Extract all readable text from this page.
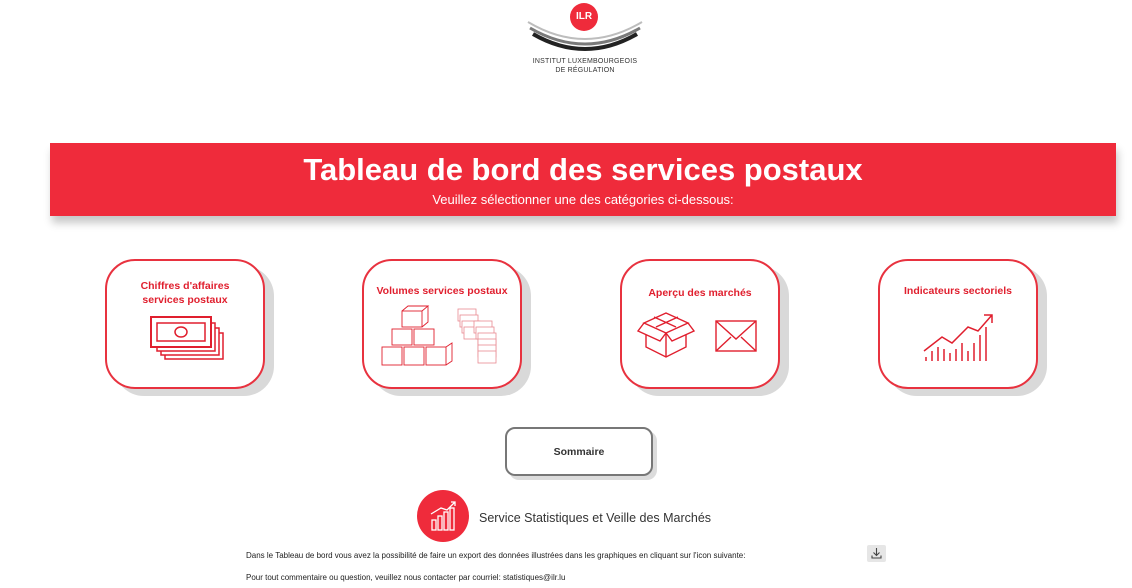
ILR
INSTITUT LUXEMBOURGEOIS
DE RÉGULATION
Tableau de bord des services postaux
Veuillez sélectionner une des catégories ci-dessous:
Chiffres d'affaires
services postaux
Volumes services postaux	Aperçu des marchés	Indicateurs sectoriels
Sommaire
Service Statistiques et Veille des Marchés
Dans le Tableau de bord vous avez la possibilité de faire un export des données illustrées dans les graphiques en cliquant sur l'icon suivante:
Pour tout commentaire ou question, veuillez nous contacter par courriel: statistiques@ilr.lu
